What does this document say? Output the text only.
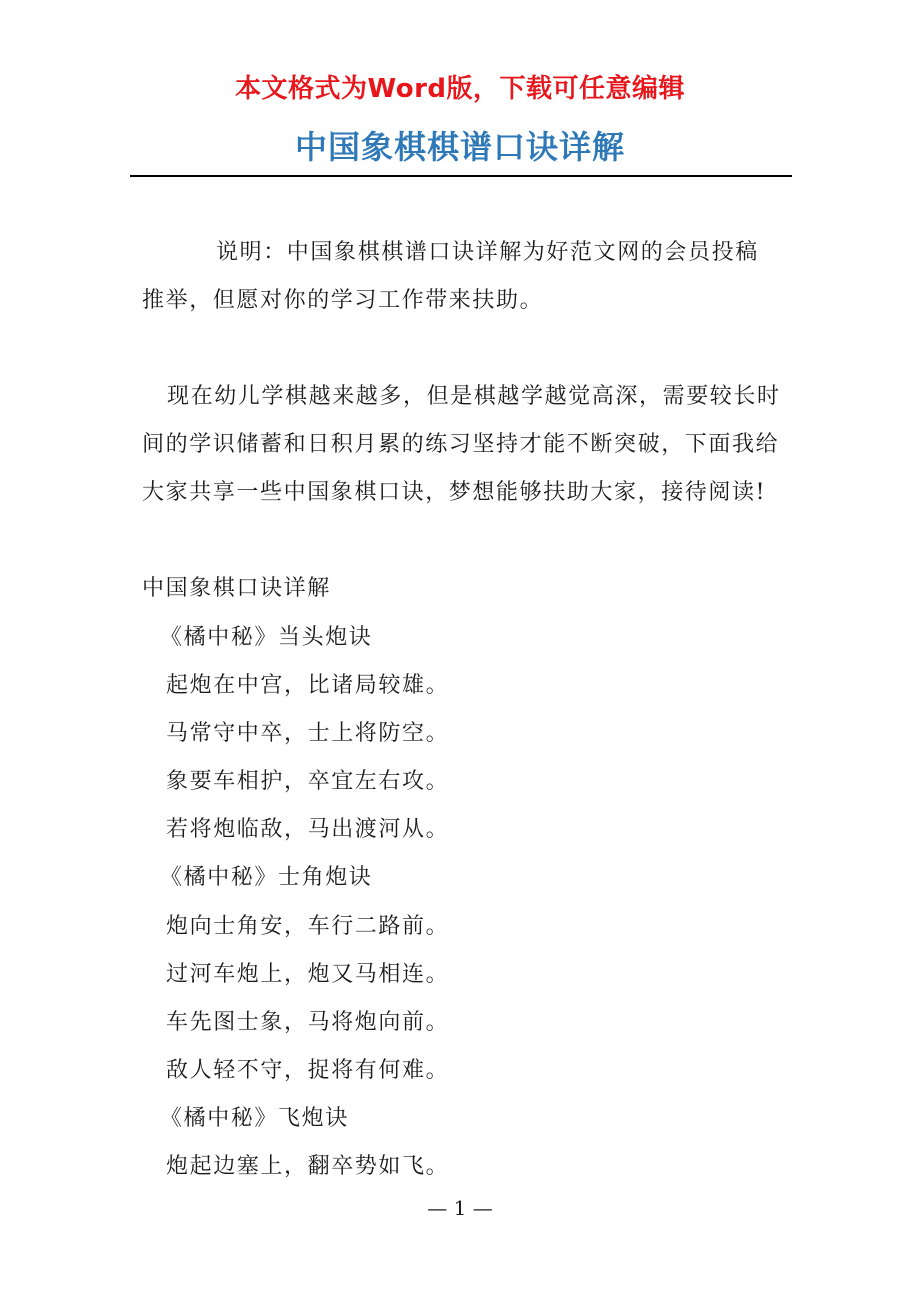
本文格式为Word版，下载可任意编辑
中国象棋棋谱口诀详解

说明：中国象棋棋谱口诀详解为好范文网的会员投稿推举，但愿对你的学习工作带来扶助。

现在幼儿学棋越来越多，但是棋越学越觉高深，需要较长时间的学识储蓄和日积月累的练习坚持才能不断突破，下面我给大家共享一些中国象棋口诀，梦想能够扶助大家，接待阅读!

中国象棋口诀详解
《橘中秘》当头炮诀
起炮在中宫，比诸局较雄。
马常守中卒，士上将防空。
象要车相护，卒宜左右攻。
若将炮临敌，马出渡河从。
《橘中秘》士角炮诀
炮向士角安，车行二路前。
过河车炮上，炮又马相连。
车先图士象，马将炮向前。
敌人轻不守，捉将有何难。
《橘中秘》飞炮诀
炮起边塞上，翻卒势如飞。
— 1 —
